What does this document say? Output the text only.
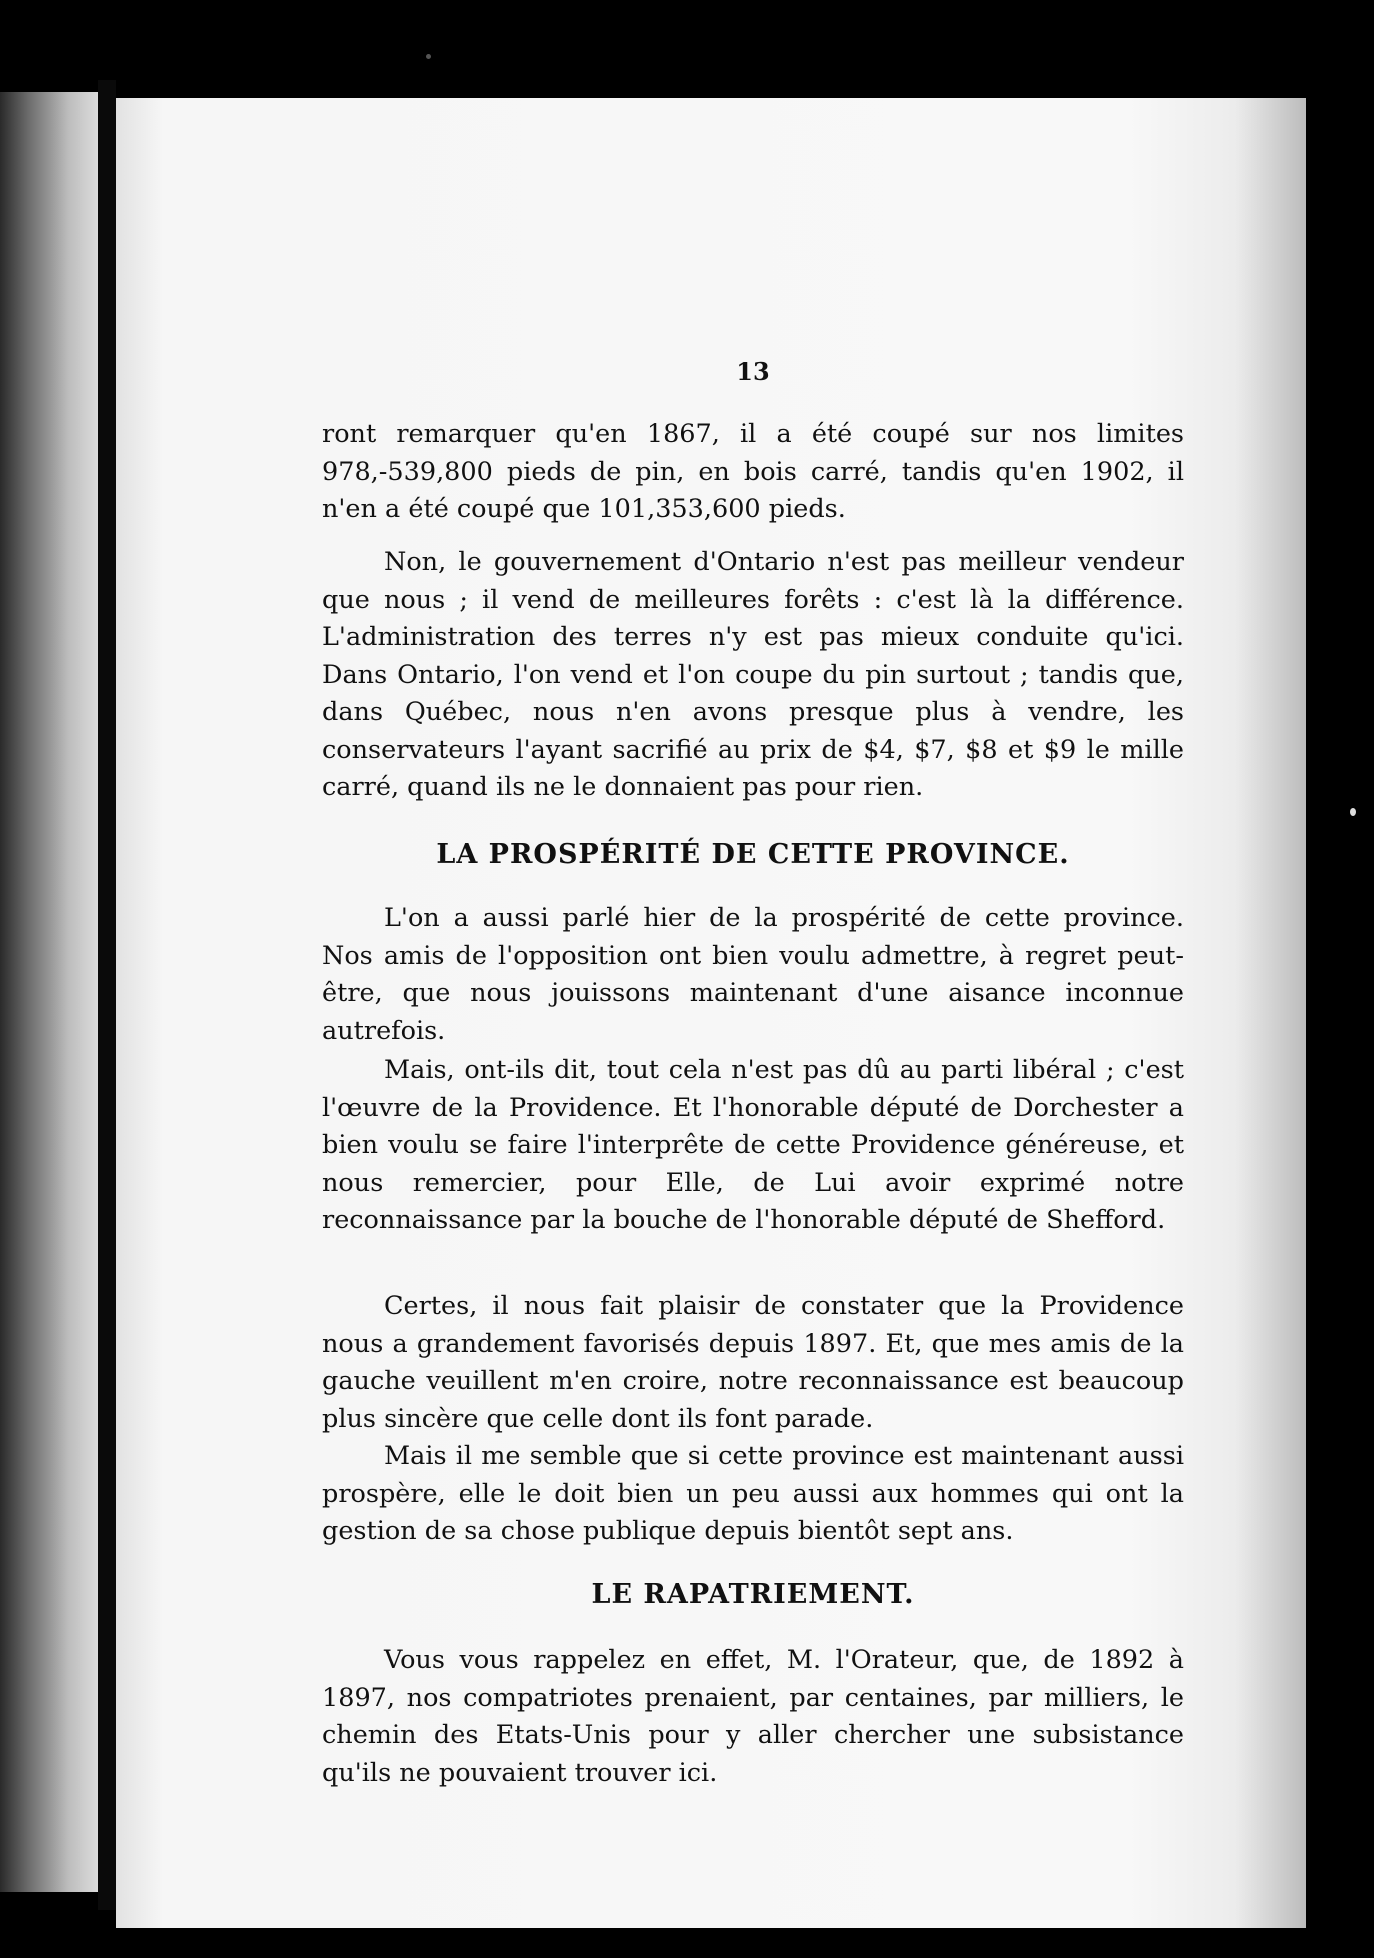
13

ront remarquer qu'en 1867, il a été coupé sur nos limites 978,-539,800 pieds de pin, en bois carré, tandis qu'en 1902, il n'en a été coupé que 101,353,600 pieds.

Non, le gouvernement d'Ontario n'est pas meilleur vendeur que nous ; il vend de meilleures forêts : c'est là la différence. L'administration des terres n'y est pas mieux conduite qu'ici. Dans Ontario, l'on vend et l'on coupe du pin surtout ; tandis que, dans Québec, nous n'en avons presque plus à vendre, les conservateurs l'ayant sacrifié au prix de $4, $7, $8 et $9 le mille carré, quand ils ne le donnaient pas pour rien.

LA PROSPÉRITÉ DE CETTE PROVINCE.

L'on a aussi parlé hier de la prospérité de cette province. Nos amis de l'opposition ont bien voulu admettre, à regret peut-être, que nous jouissons maintenant d'une aisance inconnue autrefois.

Mais, ont-ils dit, tout cela n'est pas dû au parti libéral ; c'est l'œuvre de la Providence. Et l'honorable député de Dorchester a bien voulu se faire l'interprête de cette Providence généreuse, et nous remercier, pour Elle, de Lui avoir exprimé notre reconnaissance par la bouche de l'honorable député de Shefford.

Certes, il nous fait plaisir de constater que la Providence nous a grandement favorisés depuis 1897. Et, que mes amis de la gauche veuillent m'en croire, notre reconnaissance est beaucoup plus sincère que celle dont ils font parade.

Mais il me semble que si cette province est maintenant aussi prospère, elle le doit bien un peu aussi aux hommes qui ont la gestion de sa chose publique depuis bientôt sept ans.

LE RAPATRIEMENT.

Vous vous rappelez en effet, M. l'Orateur, que, de 1892 à 1897, nos compatriotes prenaient, par centaines, par milliers, le chemin des Etats-Unis pour y aller chercher une subsistance qu'ils ne pouvaient trouver ici.
